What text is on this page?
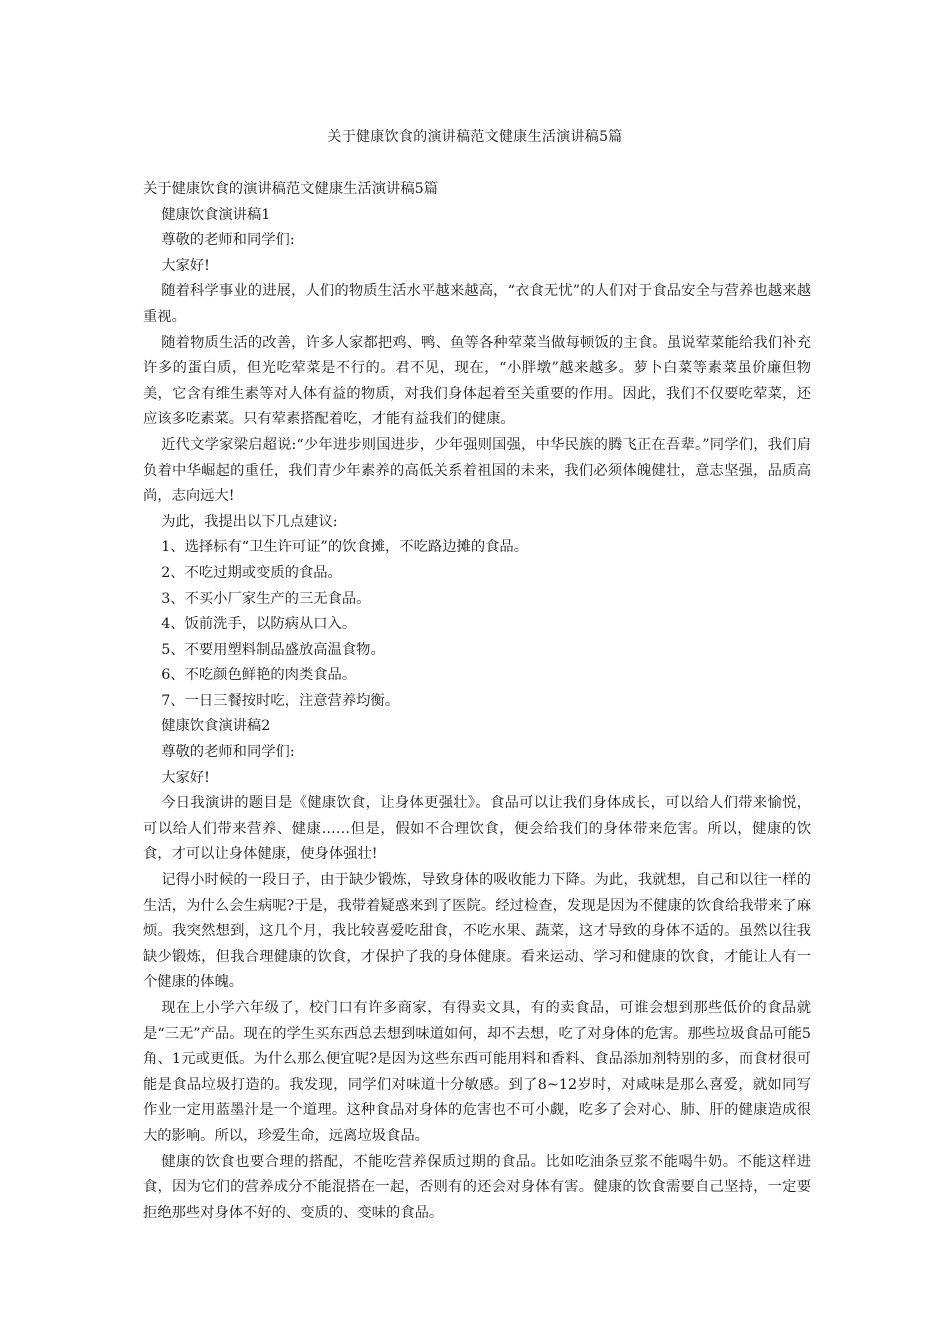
关于健康饮食的演讲稿范文健康生活演讲稿5篇

关于健康饮食的演讲稿范文健康生活演讲稿5篇

健康饮食演讲稿1

尊敬的老师和同学们:

大家好!

随着科学事业的进展，人们的物质生活水平越来越高，“衣食无忧”的人们对于食品安全与营养也越来越重视。

随着物质生活的改善，许多人家都把鸡、鸭、鱼等各种荤菜当做每顿饭的主食。虽说荤菜能给我们补充许多的蛋白质，但光吃荤菜是不行的。君不见，现在，“小胖墩”越来越多。萝卜白菜等素菜虽价廉但物美，它含有维生素等对人体有益的物质，对我们身体起着至关重要的作用。因此，我们不仅要吃荤菜，还应该多吃素菜。只有荤素搭配着吃，才能有益我们的健康。

近代文学家梁启超说:“少年进步则国进步，少年强则国强，中华民族的腾飞正在吾辈。”同学们，我们肩负着中华崛起的重任，我们青少年素养的高低关系着祖国的未来，我们必须体魄健壮，意志坚强，品质高尚，志向远大!

为此，我提出以下几点建议:

1、选择标有“卫生许可证”的饮食摊，不吃路边摊的食品。

2、不吃过期或变质的食品。

3、不买小厂家生产的三无食品。

4、饭前洗手，以防病从口入。

5、不要用塑料制品盛放高温食物。

6、不吃颜色鲜艳的肉类食品。

7、一日三餐按时吃，注意营养均衡。

健康饮食演讲稿2

尊敬的老师和同学们:

大家好!

今日我演讲的题目是《健康饮食，让身体更强壮》。食品可以让我们身体成长，可以给人们带来愉悦，可以给人们带来营养、健康……但是，假如不合理饮食，便会给我们的身体带来危害。所以，健康的饮食，才可以让身体健康，使身体强壮!

记得小时候的一段日子，由于缺少锻炼，导致身体的吸收能力下降。为此，我就想，自己和以往一样的生活，为什么会生病呢?于是，我带着疑惑来到了医院。经过检查，发现是因为不健康的饮食给我带来了麻烦。我突然想到，这几个月，我比较喜爱吃甜食，不吃水果、蔬菜，这才导致的身体不适的。虽然以往我缺少锻炼，但我合理健康的饮食，才保护了我的身体健康。看来运动、学习和健康的饮食，才能让人有一个健康的体魄。

现在上小学六年级了，校门口有许多商家，有得卖文具，有的卖食品，可谁会想到那些低价的食品就是“三无”产品。现在的学生买东西总去想到味道如何，却不去想，吃了对身体的危害。那些垃圾食品可能5角、1元或更低。为什么那么便宜呢?是因为这些东西可能用料和香料、食品添加剂特别的多，而食材很可能是食品垃圾打造的。我发现，同学们对味道十分敏感。到了8~12岁时，对咸味是那么喜爱，就如同写作业一定用蓝墨汁是一个道理。这种食品对身体的危害也不可小觑，吃多了会对心、肺、肝的健康造成很大的影响。所以，珍爱生命，远离垃圾食品。

健康的饮食也要合理的搭配，不能吃营养保质过期的食品。比如吃油条豆浆不能喝牛奶。不能这样进食，因为它们的营养成分不能混搭在一起，否则有的还会对身体有害。健康的饮食需要自己坚持，一定要拒绝那些对身体不好的、变质的、变味的食品。
